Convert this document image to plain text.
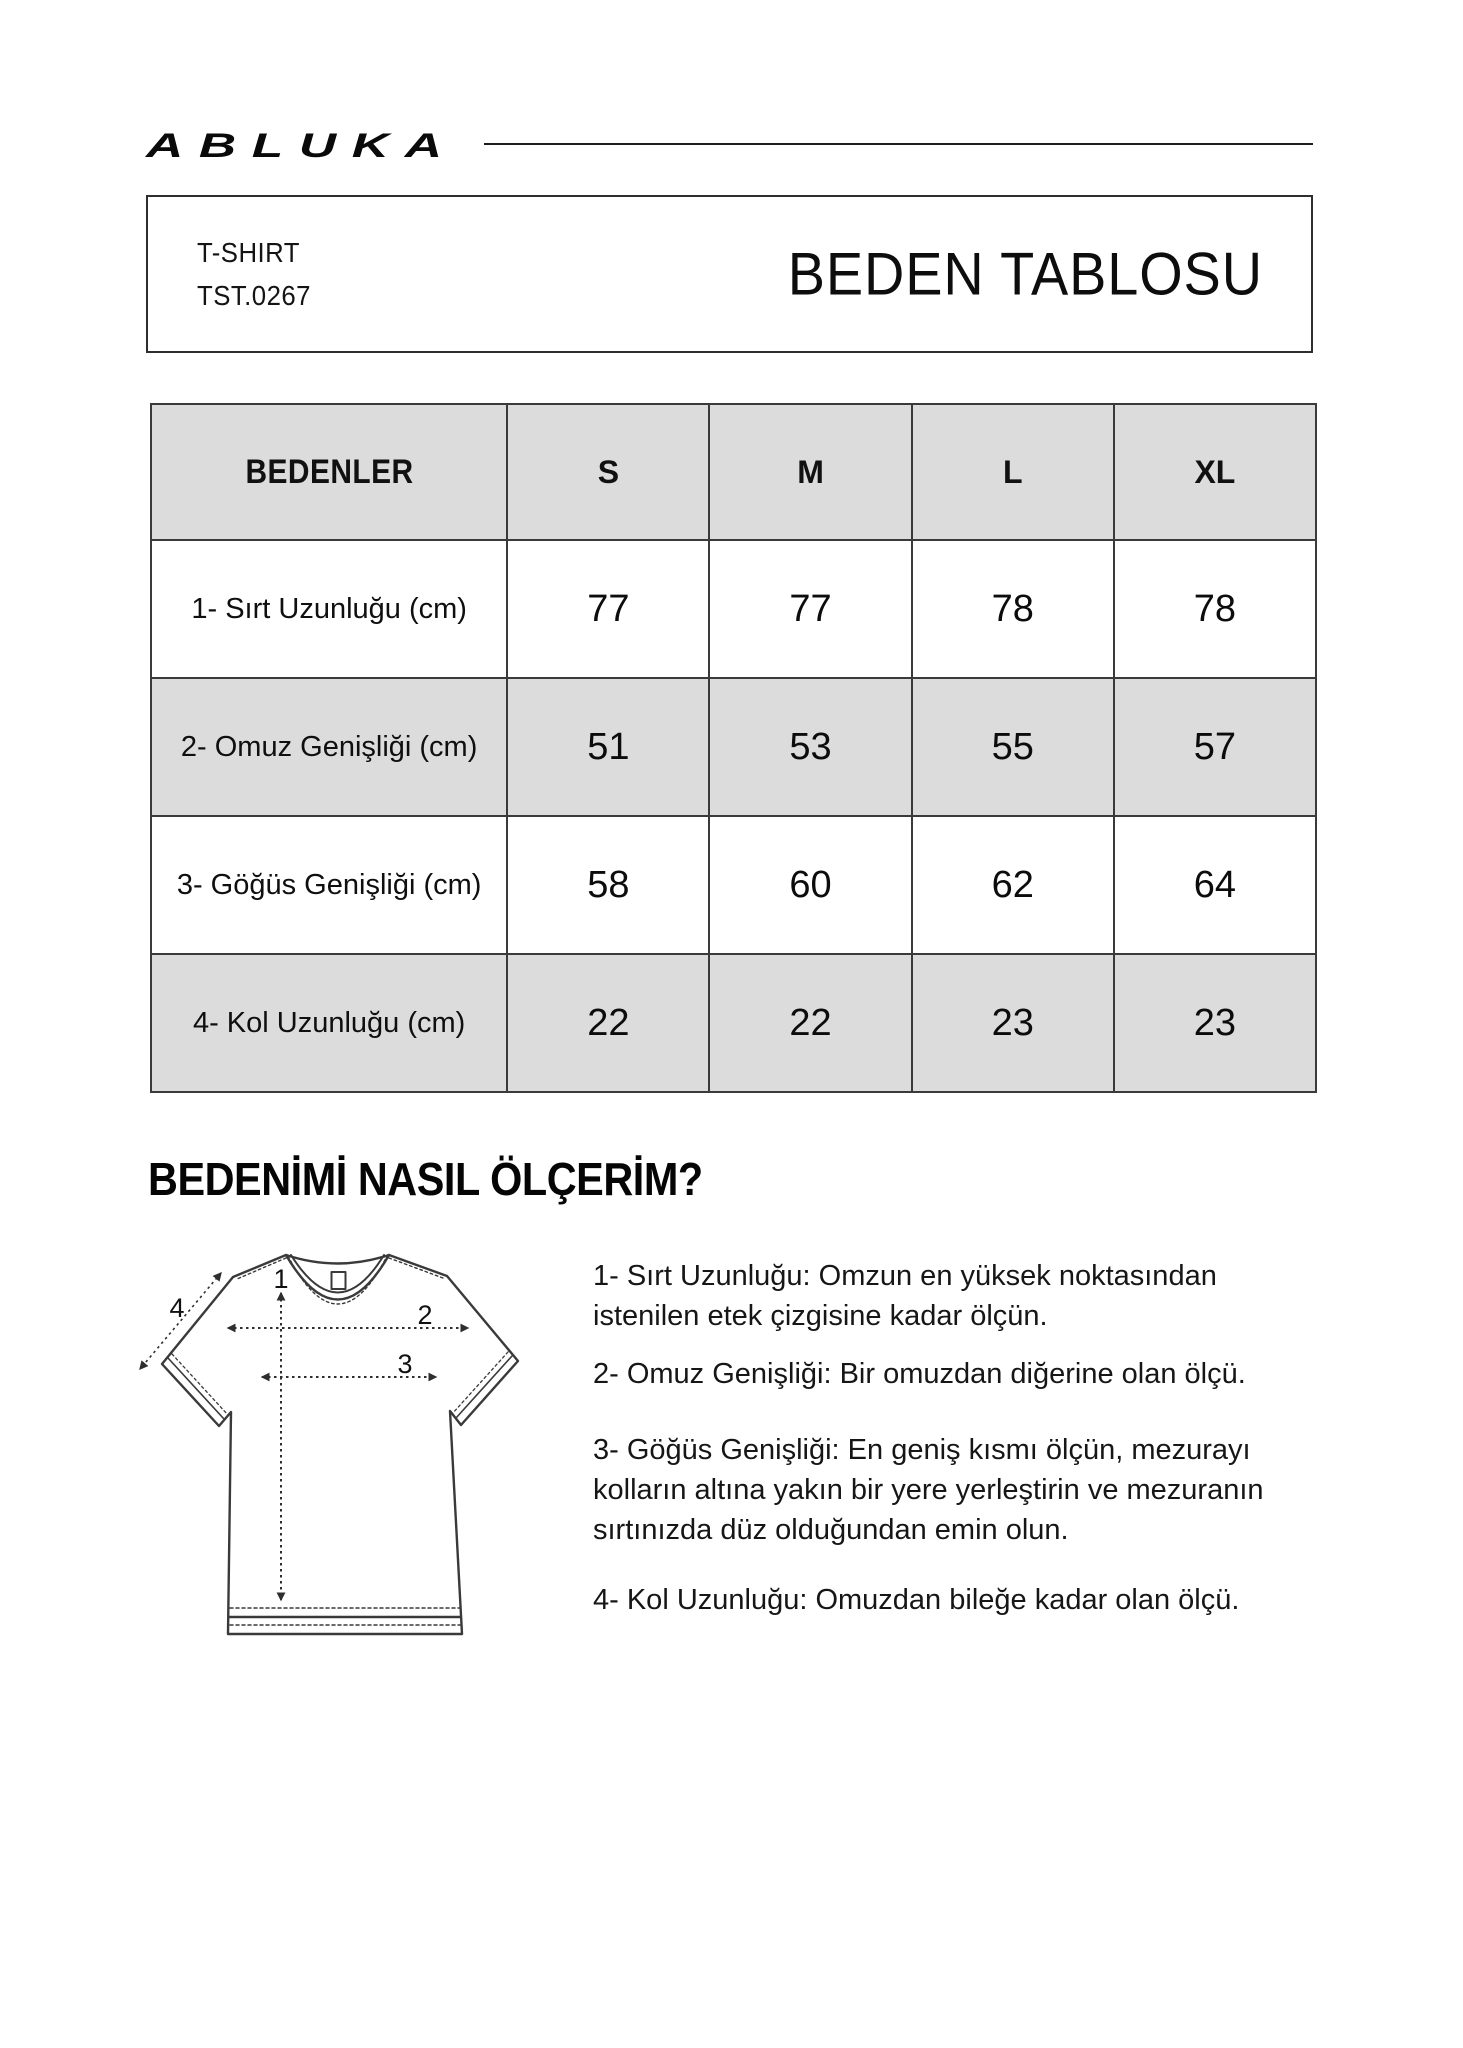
ABLUKA
T-SHIRT
TST.0267	BEDEN TABLOSU
BEDENLER	S	M	L	XL
1- Sırt Uzunluğu (cm)	77	77	78	78
2- Omuz Genişliği (cm)	51	53	55	57
3- Göğüs Genişliği (cm)	58	60	62	64
4- Kol Uzunluğu (cm)	22	22	23	23
BEDENİMİ NASIL ÖLÇERİM?
1
2
3
4

1- Sırt Uzunluğu: Omzun en yüksek noktasından istenilen etek çizgisine kadar ölçün.

2- Omuz Genişliği: Bir omuzdan diğerine olan ölçü.

3- Göğüs Genişliği: En geniş kısmı ölçün, mezurayı kolların altına yakın bir yere yerleştirin ve mezuranın sırtınızda düz olduğundan emin olun.

4- Kol Uzunluğu: Omuzdan bileğe kadar olan ölçü.
